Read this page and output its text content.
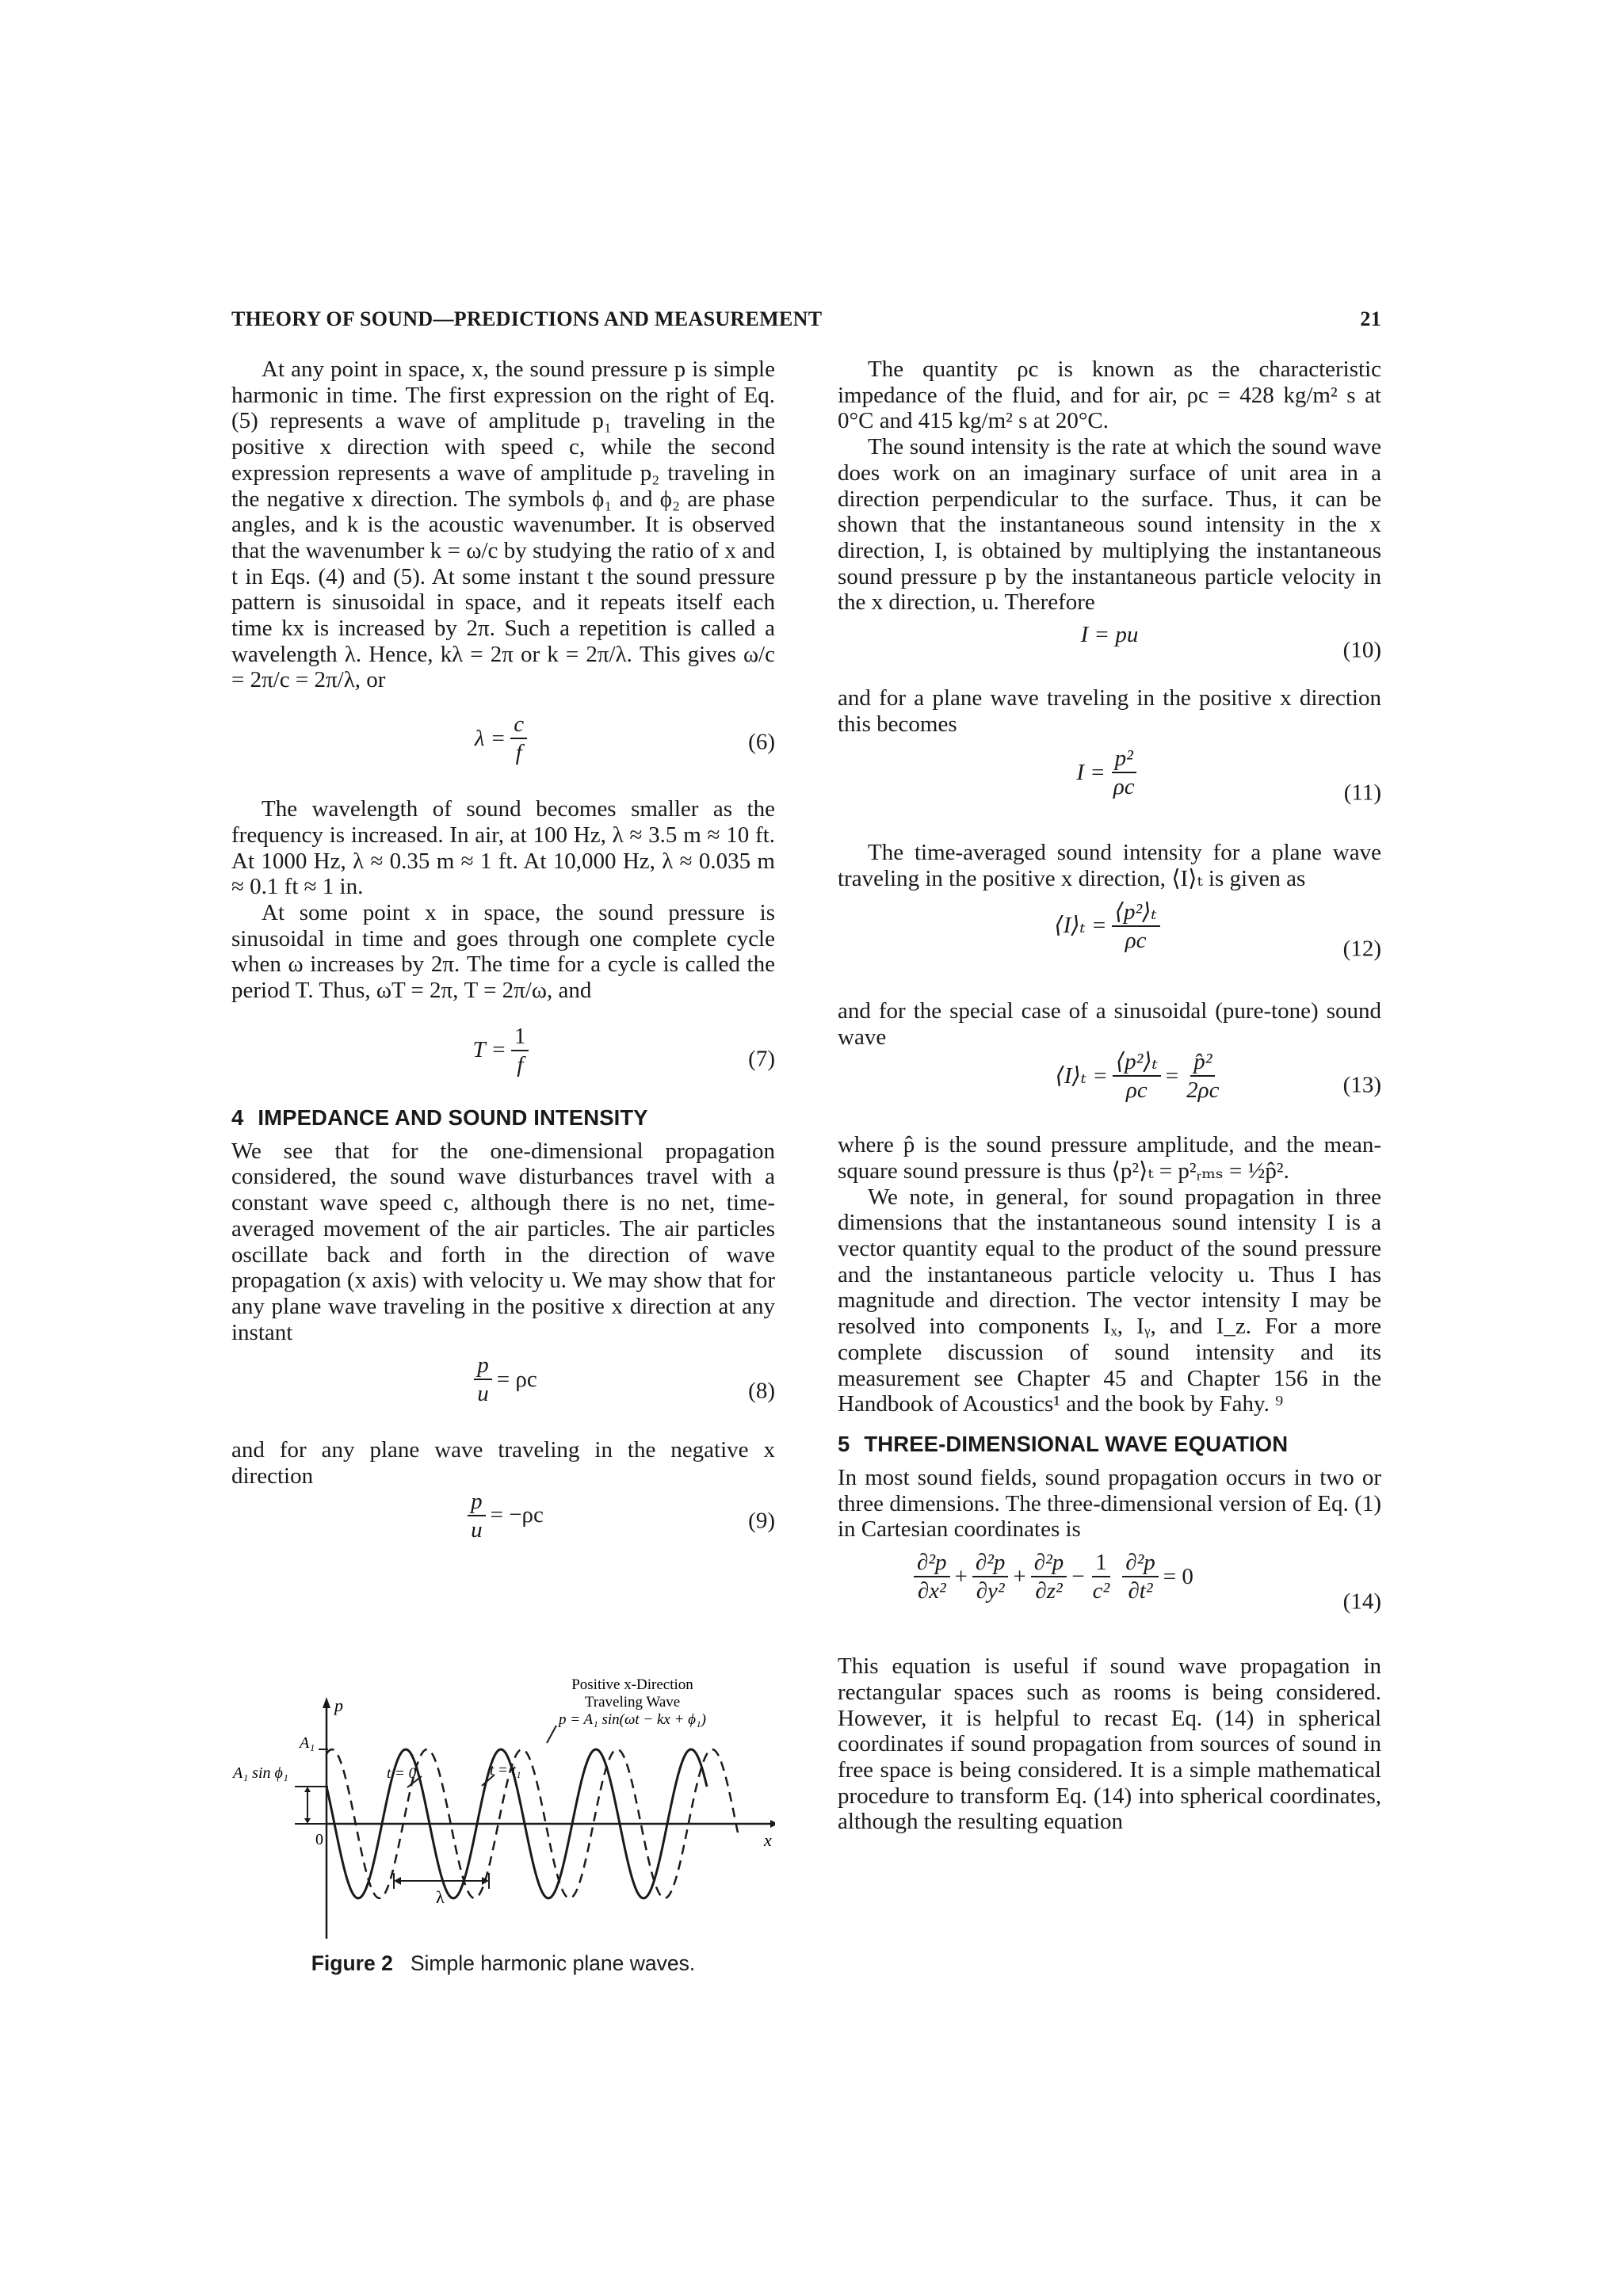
THEORY OF SOUND—PREDICTIONS AND MEASUREMENT	21

At any point in space, x, the sound pressure p is simple harmonic in time. The first expression on the right of Eq. (5) represents a wave of amplitude p₁ traveling in the positive x direction with speed c, while the second expression represents a wave of amplitude p₂ traveling in the negative x direction. The symbols ϕ₁ and ϕ₂ are phase angles, and k is the acoustic wavenumber. It is observed that the wavenumber k = ω/c by studying the ratio of x and t in Eqs. (4) and (5). At some instant t the sound pressure pattern is sinusoidal in space, and it repeats itself each time kx is increased by 2π. Such a repetition is called a wavelength λ. Hence, kλ = 2π or k = 2π/λ. This gives ω/c = 2π/c = 2π/λ, or

$\lambda = \frac{c}{f}$	(6)

The wavelength of sound becomes smaller as the frequency is increased. In air, at 100 Hz, λ ≈ 3.5 m ≈ 10 ft. At 1000 Hz, λ ≈ 0.35 m ≈ 1 ft. At 10,000 Hz, λ ≈ 0.035 m ≈ 0.1 ft ≈ 1 in.

At some point x in space, the sound pressure is sinusoidal in time and goes through one complete cycle when ω increases by 2π. The time for a cycle is called the period T. Thus, ωT = 2π, T = 2π/ω, and

$T = \frac{1}{f}$	(7)
4 IMPEDANCE AND SOUND INTENSITY

We see that for the one-dimensional propagation considered, the sound wave disturbances travel with a constant wave speed c, although there is no net, time-averaged movement of the air particles. The air particles oscillate back and forth in the direction of wave propagation (x axis) with velocity u. We may show that for any plane wave traveling in the positive x direction at any instant

$\frac{p}{u} = \rho c$	(8)

and for any plane wave traveling in the negative x direction

$\frac{p}{u} = -\rho c$	(9)
p
x
A₁
A₁ sin ϕ₁
0
t = 0	t = t₁
λ
Positive x-Direction
Traveling Wave
p = A₁ sin(ωt − kx + ϕ₁)
Figure 2 Simple harmonic plane waves.

The quantity ρc is known as the characteristic impedance of the fluid, and for air, ρc = 428 kg/m² s at 0°C and 415 kg/m² s at 20°C.

The sound intensity is the rate at which the sound wave does work on an imaginary surface of unit area in a direction perpendicular to the surface. Thus, it can be shown that the instantaneous sound intensity in the x direction, I, is obtained by multiplying the instantaneous sound pressure p by the instantaneous particle velocity in the x direction, u. Therefore

I = pu
(10)

and for a plane wave traveling in the positive x direction this becomes

$I = \frac{\text{p²}}{\rho c}$	(11)

The time-averaged sound intensity for a plane wave traveling in the positive x direction, ⟨I⟩ₜ is given as

⟨I⟩ₜ = $\frac{\text{⟨p²⟩ₜ}}{\rho c}$	(12)

and for the special case of a sinusoidal (pure-tone) sound wave

⟨I⟩ₜ = $\frac{\text{⟨p²⟩ₜ}}{\rho c} = \frac{\text{p̂²}}{2\rho c}$	(13)

where p̂ is the sound pressure amplitude, and the mean-square sound pressure is thus ⟨p²⟩ₜ = p²ᵣₘₛ = ½p̂².

We note, in general, for sound propagation in three dimensions that the instantaneous sound intensity I is a vector quantity equal to the product of the sound pressure and the instantaneous particle velocity u. Thus I has magnitude and direction. The vector intensity I may be resolved into components Iₓ, Iᵧ, and I_z. For a more complete discussion of sound intensity and its measurement see Chapter 45 and Chapter 156 in the Handbook of Acoustics¹ and the book by Fahy. ⁹

5 THREE-DIMENSIONAL WAVE EQUATION

In most sound fields, sound propagation occurs in two or three dimensions. The three-dimensional version of Eq. (1) in Cartesian coordinates is

$\frac{\text{∂²p}}{\text{∂x²}} + \frac{\text{∂²p}}{\text{∂y²}} + \frac{\text{∂²p}}{\text{∂z²}} - \frac{1}{\text{c²}} \frac{\text{∂²p}}{\text{∂t²}} = 0$
(14)

This equation is useful if sound wave propagation in rectangular spaces such as rooms is being considered. However, it is helpful to recast Eq. (14) in spherical coordinates if sound propagation from sources of sound in free space is being considered. It is a simple mathematical procedure to transform Eq. (14) into spherical coordinates, although the resulting equation
